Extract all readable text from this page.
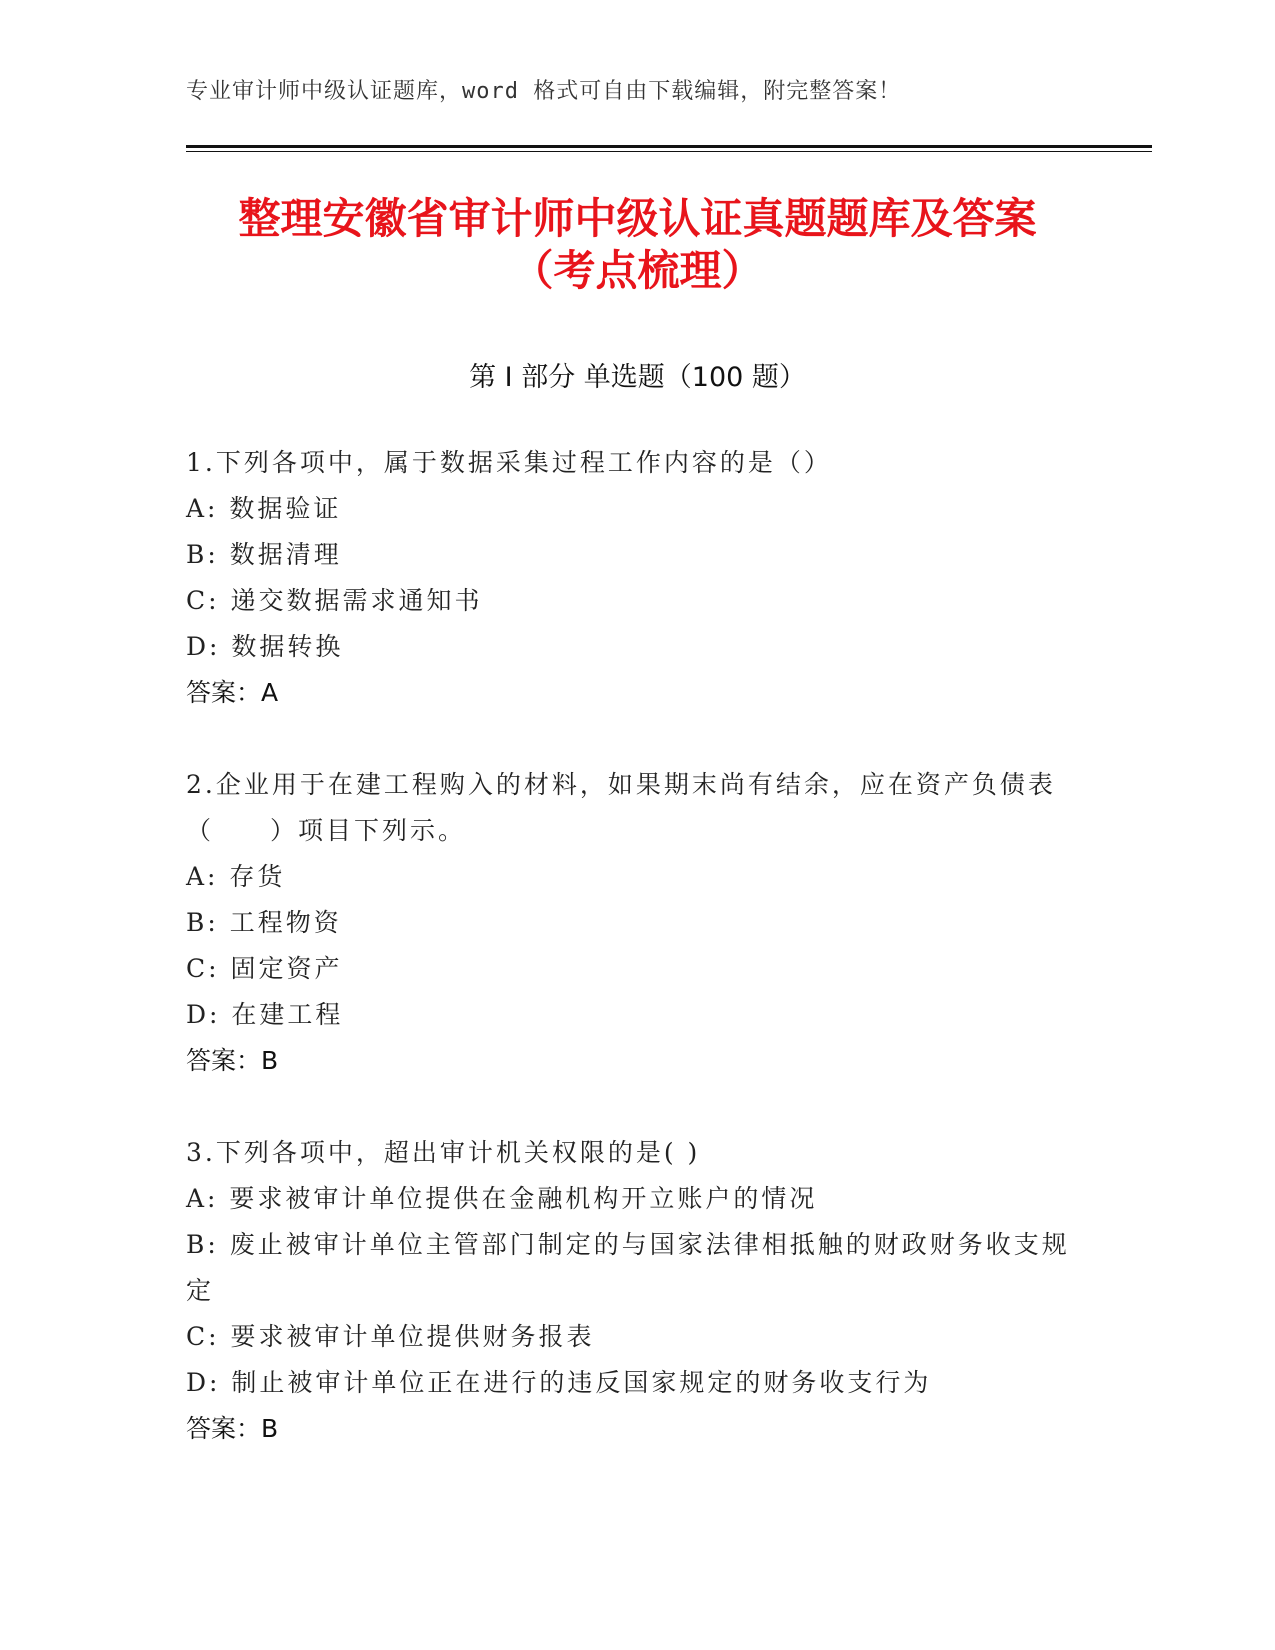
专业审计师中级认证题库，word 格式可自由下载编辑，附完整答案！
整理安徽省审计师中级认证真题题库及答案
（考点梳理）
第 I 部分 单选题（100 题）
1.下列各项中，属于数据采集过程工作内容的是（）
A: 数据验证
B: 数据清理
C: 递交数据需求通知书
D: 数据转换
答案：A
2.企业用于在建工程购入的材料，如果期末尚有结余，应在资产负债表（　　）项目下列示。
A: 存货
B: 工程物资
C: 固定资产
D: 在建工程
答案：B
3.下列各项中，超出审计机关权限的是( )
A: 要求被审计单位提供在金融机构开立账户的情况
B: 废止被审计单位主管部门制定的与国家法律相抵触的财政财务收支规定
C: 要求被审计单位提供财务报表
D: 制止被审计单位正在进行的违反国家规定的财务收支行为
答案：B
